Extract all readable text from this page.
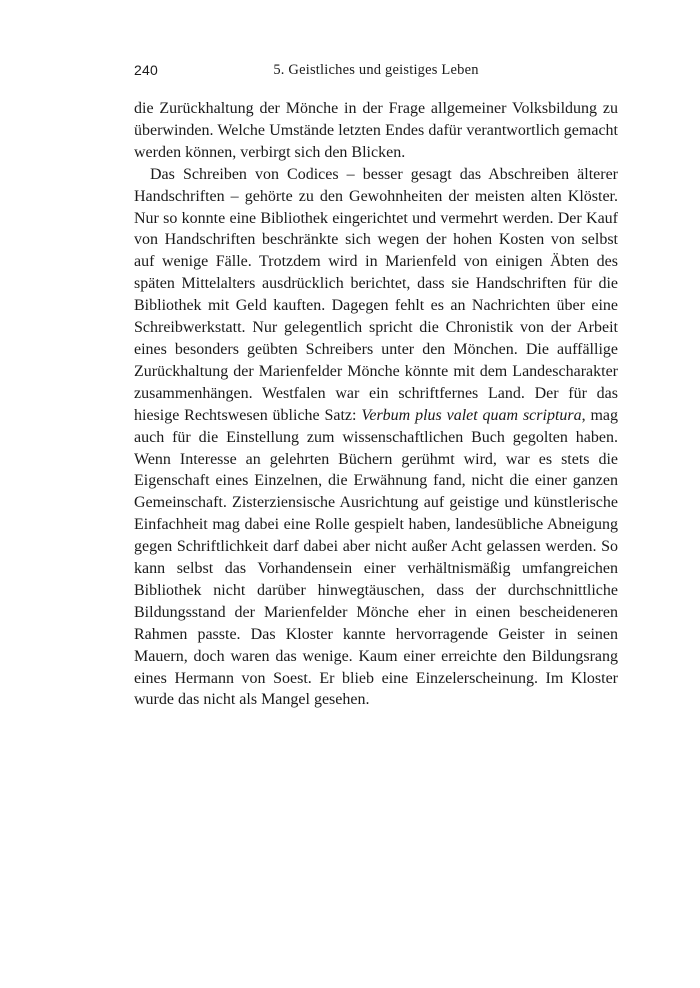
240	5. Geistliches und geistiges Leben

die Zurückhaltung der Mönche in der Frage allgemeiner Volksbildung zu überwinden. Welche Umstände letzten Endes dafür verantwortlich gemacht werden können, verbirgt sich den Blicken.

Das Schreiben von Codices – besser gesagt das Abschreiben älterer Handschriften – gehörte zu den Gewohnheiten der meisten alten Klöster. Nur so konnte eine Bibliothek eingerichtet und vermehrt werden. Der Kauf von Handschriften beschränkte sich wegen der hohen Kosten von selbst auf wenige Fälle. Trotzdem wird in Marienfeld von einigen Äbten des späten Mittelalters ausdrücklich berichtet, dass sie Handschriften für die Bibliothek mit Geld kauften. Dagegen fehlt es an Nachrichten über eine Schreibwerkstatt. Nur gelegentlich spricht die Chronistik von der Arbeit eines besonders geübten Schreibers unter den Mönchen. Die auffällige Zurückhaltung der Marienfelder Mönche könnte mit dem Landescharakter zusammenhängen. Westfalen war ein schriftfernes Land. Der für das hiesige Rechtswesen übliche Satz: Verbum plus valet quam scriptura, mag auch für die Einstellung zum wissenschaftlichen Buch gegolten haben. Wenn Interesse an gelehrten Büchern gerühmt wird, war es stets die Eigenschaft eines Einzelnen, die Erwähnung fand, nicht die einer ganzen Gemeinschaft. Zisterziensische Ausrichtung auf geistige und künstlerische Einfachheit mag dabei eine Rolle gespielt haben, landesübliche Abneigung gegen Schriftlichkeit darf dabei aber nicht außer Acht gelassen werden. So kann selbst das Vorhandensein einer verhältnismäßig umfangreichen Bibliothek nicht darüber hinwegtäuschen, dass der durchschnittliche Bildungsstand der Marienfelder Mönche eher in einen bescheideneren Rahmen passte. Das Kloster kannte hervorragende Geister in seinen Mauern, doch waren das wenige. Kaum einer erreichte den Bildungsrang eines Hermann von Soest. Er blieb eine Einzelerscheinung. Im Kloster wurde das nicht als Mangel gesehen.
